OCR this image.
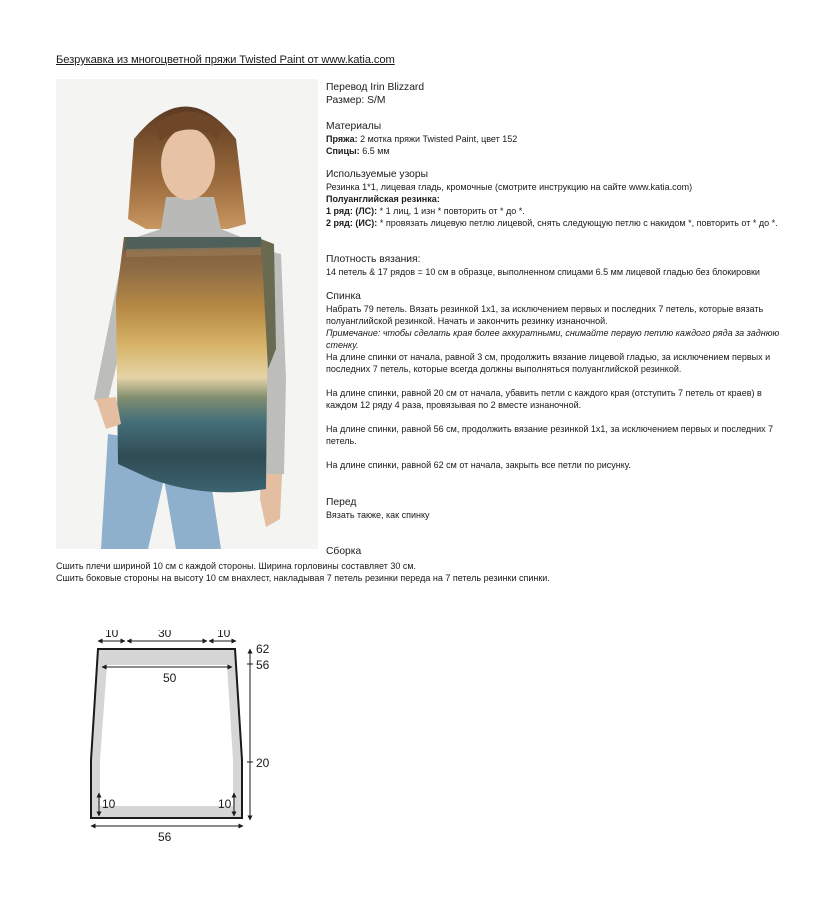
Безрукавка из многоцветной пряжи Twisted Paint от www.katia.com

Перевод Irin Blizzard

Размер: S/M

Материалы

Пряжа: 2 мотка пряжи Twisted Paint, цвет 152

Спицы: 6.5 мм

Используемые узоры

Резинка 1*1, лицевая гладь, кромочные (смотрите инструкцию на сайте www.katia.com)

Полуанглийская резинка:

1 ряд: (ЛС): * 1 лиц, 1 изн * повторить от * до *.

2 ряд: (ИС): * провязать лицевую петлю лицевой, снять следующую петлю с накидом *, повторить от * до *.

Плотность вязания:

14 петель & 17 рядов = 10 см в образце, выполненном спицами 6.5 мм лицевой гладью без блокировки

Спинка

Набрать 79 петель. Вязать резинкой 1х1, за исключением первых и последних 7 петель, которые вязать полуанглийской резинкой. Начать и закончить резинку изнаночной.

Примечание: чтобы сделать края более аккуратными, снимайте первую петлю каждого ряда за заднюю стенку.

На длине спинки от начала, равной 3 см, продолжить вязание лицевой гладью, за исключением первых и последних 7 петель, которые всегда должны выполняться полуанглийской резинкой.

На длине спинки, равной 20 см от начала, убавить петли с каждого края (отступить 7 петель от краев) в каждом 12 ряду 4 раза, провязывая по 2 вместе изнаночной.

На длине спинки, равной 56 см, продолжить вязание резинкой 1х1, за исключением первых и последних 7 петель.

На длине спинки, равной 62 см от начала, закрыть все петли по рисунку.

Перед

Вязать также, как спинку

Сборка

Сшить плечи шириной 10 см с каждой стороны. Ширина горловины составляет 30 см.

Сшить боковые стороны на высоту 10 см внахлест, накладывая 7 петель резинки переда на 7 петель резинки спинки.

10	30	10
50
62
56
20
10	10
56
